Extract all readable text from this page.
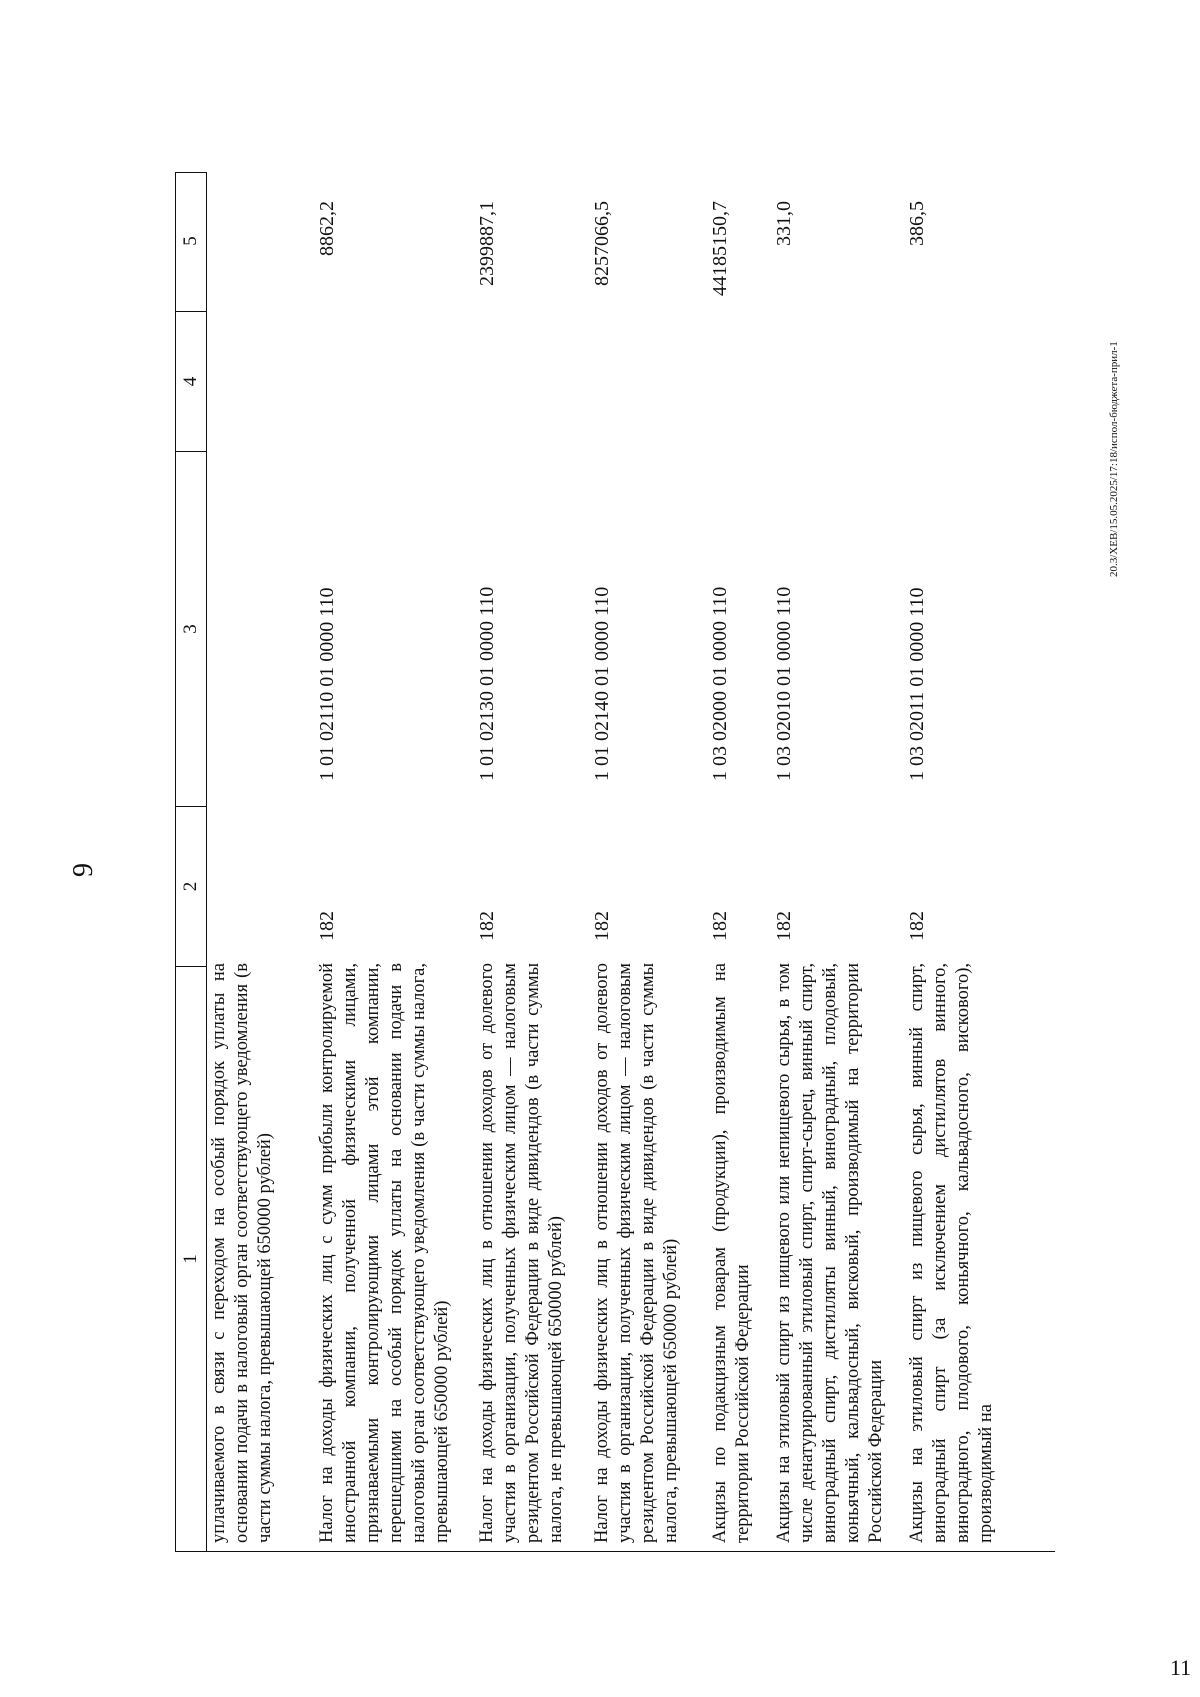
9
1
2
3
4
5
уплачиваемого в связи с переходом на особый порядок уплаты на основании подачи в налоговый орган соответствующего уведомления (в части суммы налога, превышающей 650000 рублей) Налог на доходы физических лиц с сумм прибыли контролируемой иностранной компании, полученной физическими лицами, признаваемыми контролирующими лицами этой компании, перешедшими на особый порядок уплаты на основании подачи в налоговый орган соответствующего уведомления (в части суммы налога, превышающей 650000 рублей)
182
1 01 02110 01 0000 110
8862,2
Налог на доходы физических лиц в отношении доходов от долевого участия в организации, полученных физическим лицом — налоговым резидентом Российской Федерации в виде дивидендов (в части суммы налога, не превышающей 650000 рублей)
182
1 01 02130 01 0000 110
2399887,1
Налог на доходы физических лиц в отношении доходов от долевого участия в организации, полученных физическим лицом — налоговым резидентом Российской Федерации в виде дивидендов (в части суммы налога, превышающей 650000 рублей)
182
1 01 02140 01 0000 110
8257066,5
Акцизы по подакцизным товарам (продукции), производимым на территории Российской Федерации
182
1 03 02000 01 0000 110
44185150,7
Акцизы на этиловый спирт из пищевого или непищевого сырья, в том числе денатурированный этиловый спирт, спирт-сырец, винный спирт, виноградный спирт, дистилляты винный, виноградный, плодовый, коньячный, кальвадосный, висковый, производимый на территории Российской Федерации
182
1 03 02010 01 0000 110
331,0
Акцизы на этиловый спирт из пищевого сырья, винный спирт, виноградный спирт (за исключением дистиллятов винного, виноградного, плодового, коньячного, кальвадосного, вискового), производимый на
182
1 03 02011 01 0000 110
386,5
20.3/XEB/15.05.2025/17:18/испол-бюджета-прил-1
11
